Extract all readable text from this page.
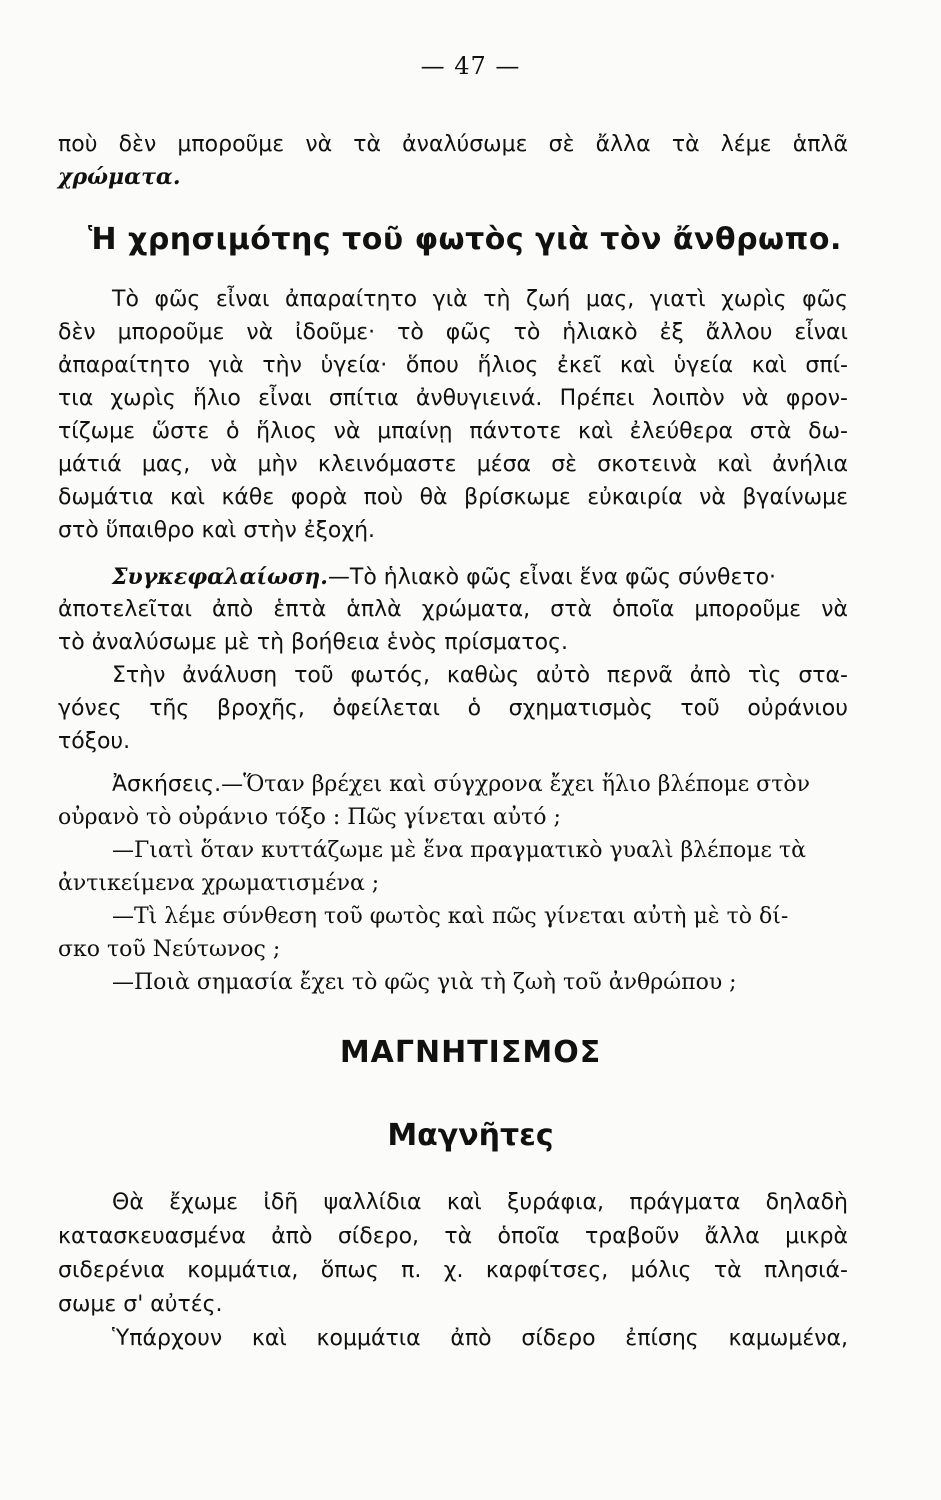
— 47 —
ποὺ δὲν μποροῦμε νὰ τὰ ἀναλύσωμε σὲ ἄλλα τὰ λέμε ἁπλᾶ
χρώματα.
Ἡ χρησιμότης τοῦ φωτὸς γιὰ τὸν ἄνθρωπο.
Τὸ φῶς εἶναι ἀπαραίτητο γιὰ τὴ ζωή μας, γιατὶ χωρὶς φῶς
δὲν μποροῦμε νὰ ἰδοῦμε· τὸ φῶς τὸ ἡλιακὸ ἐξ ἄλλου εἶναι
ἀπαραίτητο γιὰ τὴν ὑγεία· ὅπου ἥλιος ἐκεῖ καὶ ὑγεία καὶ σπί-
τια χωρὶς ἥλιο εἶναι σπίτια ἀνθυγιεινά. Πρέπει λοιπὸν νὰ φρον-
τίζωμε ὥστε ὁ ἥλιος νὰ μπαίνῃ πάντοτε καὶ ἐλεύθερα στὰ δω-
μάτιά μας, νὰ μὴν κλεινόμαστε μέσα σὲ σκοτεινὰ καὶ ἀνήλια
δωμάτια καὶ κάθε φορὰ ποὺ θὰ βρίσκωμε εὐκαιρία νὰ βγαίνωμε
στὸ ὕπαιθρο καὶ στὴν ἐξοχή.
Συγκεφαλαίωση.—Τὸ ἡλιακὸ φῶς εἶναι ἕνα φῶς σύνθετο·
ἀποτελεῖται ἀπὸ ἑπτὰ ἁπλὰ χρώματα, στὰ ὁποῖα μποροῦμε νὰ
τὸ ἀναλύσωμε μὲ τὴ βοήθεια ἑνὸς πρίσματος.
Στὴν ἀνάλυση τοῦ φωτός, καθὼς αὐτὸ περνᾶ ἀπὸ τὶς στα-
γόνες τῆς βροχῆς, ὀφείλεται ὁ σχηματισμὸς τοῦ οὐράνιου
τόξου.
Ἀσκήσεις.—Ὅταν βρέχει καὶ σύγχρονα ἔχει ἥλιο βλέπομε στὸν
οὐρανὸ τὸ οὐράνιο τόξο : Πῶς γίνεται αὐτό ;
—Γιατὶ ὅταν κυττάζωμε μὲ ἕνα πραγματικὸ γυαλὶ βλέπομε τὰ
ἀντικείμενα χρωματισμένα ;
—Τὶ λέμε σύνθεση τοῦ φωτὸς καὶ πῶς γίνεται αὐτὴ μὲ τὸ δί-
σκο τοῦ Νεύτωνος ;
—Ποιὰ σημασία ἔχει τὸ φῶς γιὰ τὴ ζωὴ τοῦ ἀνθρώπου ;
ΜΑΓΝΗΤΙΣΜΟΣ
Μαγνῆτες
Θὰ ἔχωμε ἰδῆ ψαλλίδια καὶ ξυράφια, πράγματα δηλαδὴ
κατασκευασμένα ἀπὸ σίδερο, τὰ ὁποῖα τραβοῦν ἄλλα μικρὰ
σιδερένια κομμάτια, ὅπως π. χ. καρφίτσες, μόλις τὰ πλησιά-
σωμε σ' αὐτές.
Ὑπάρχουν καὶ κομμάτια ἀπὸ σίδερο ἐπίσης καμωμένα,
